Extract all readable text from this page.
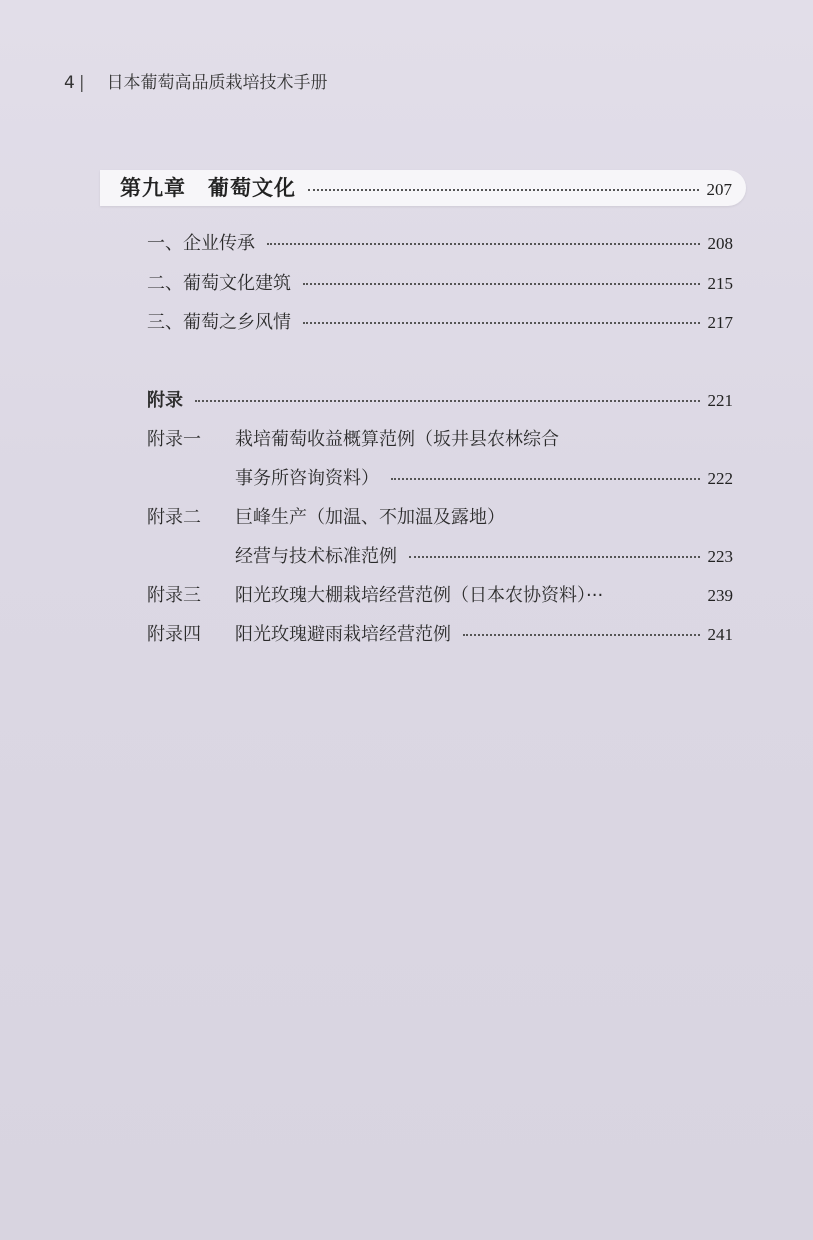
4 | 日本葡萄高品质栽培技术手册
第九章　葡萄文化	207
一、企业传承	208
二、葡萄文化建筑	215
三、葡萄之乡风情	217
附录	221
附录一	栽培葡萄收益概算范例（坂井县农林综合
事务所咨询资料）	222
附录二	巨峰生产（加温、不加温及露地）
经营与技术标准范例	223
附录三	阳光玫瑰大棚栽培经营范例（日本农协资料）···	239
附录四	阳光玫瑰避雨栽培经营范例	241
